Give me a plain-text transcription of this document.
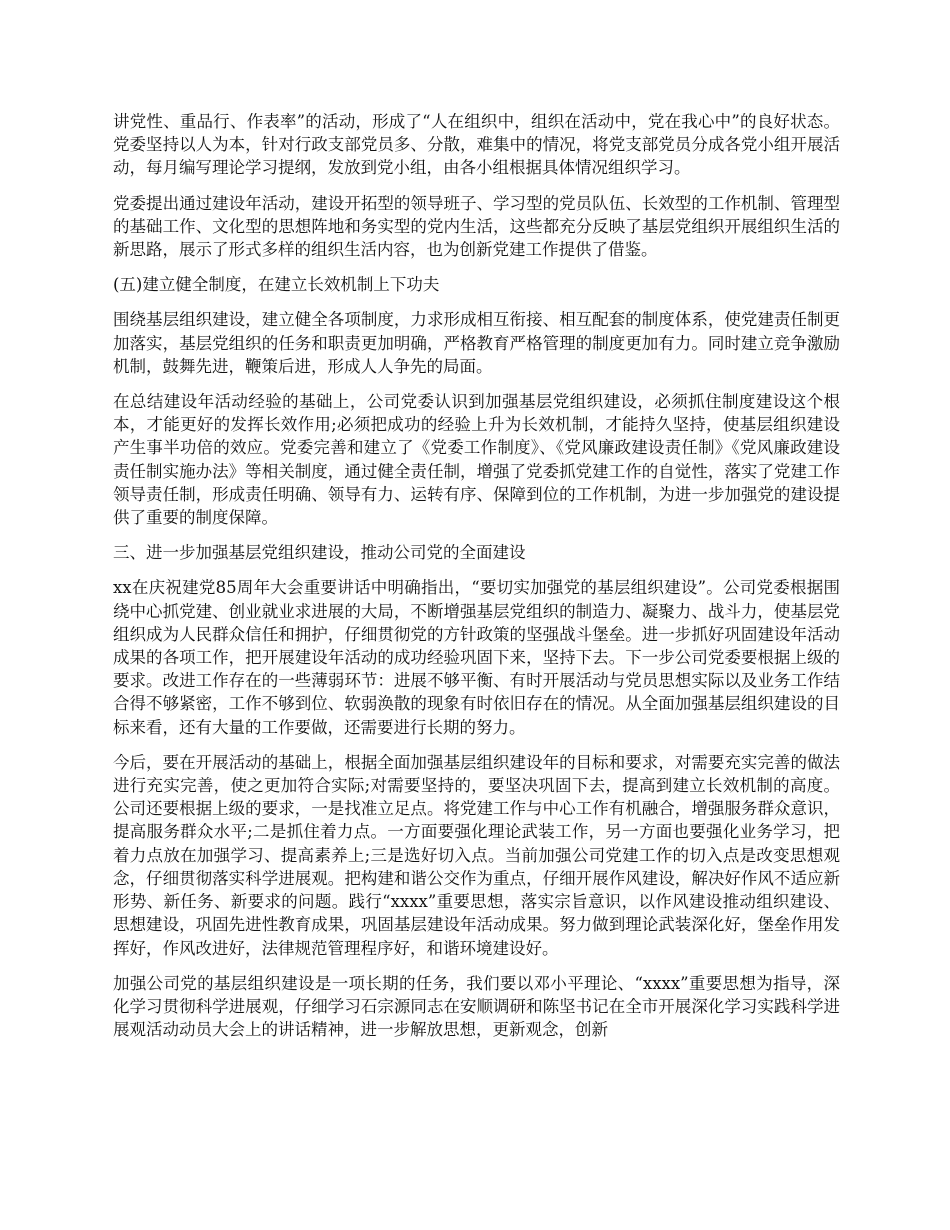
讲党性、重品行、作表率”的活动，形成了“人在组织中，组织在活动中，党在我心中”的良好状态。党委坚持以人为本，针对行政支部党员多、分散，难集中的情况，将党支部党员分成各党小组开展活动，每月编写理论学习提纲，发放到党小组，由各小组根据具体情况组织学习。

党委提出通过建设年活动，建设开拓型的领导班子、学习型的党员队伍、长效型的工作机制、管理型的基础工作、文化型的思想阵地和务实型的党内生活，这些都充分反映了基层党组织开展组织生活的新思路，展示了形式多样的组织生活内容，也为创新党建工作提供了借鉴。

(五)建立健全制度，在建立长效机制上下功夫

围绕基层组织建设，建立健全各项制度，力求形成相互衔接、相互配套的制度体系，使党建责任制更加落实，基层党组织的任务和职责更加明确，严格教育严格管理的制度更加有力。同时建立竞争激励机制，鼓舞先进，鞭策后进，形成人人争先的局面。

在总结建设年活动经验的基础上，公司党委认识到加强基层党组织建设，必须抓住制度建设这个根本，才能更好的发挥长效作用;必须把成功的经验上升为长效机制，才能持久坚持，使基层组织建设产生事半功倍的效应。党委完善和建立了《党委工作制度》、《党风廉政建设责任制》《党风廉政建设责任制实施办法》等相关制度，通过健全责任制，增强了党委抓党建工作的自觉性，落实了党建工作领导责任制，形成责任明确、领导有力、运转有序、保障到位的工作机制，为进一步加强党的建设提供了重要的制度保障。

三、进一步加强基层党组织建设，推动公司党的全面建设

xx在庆祝建党85周年大会重要讲话中明确指出，“要切实加强党的基层组织建设”。公司党委根据围绕中心抓党建、创业就业求进展的大局，不断增强基层党组织的制造力、凝聚力、战斗力，使基层党组织成为人民群众信任和拥护，仔细贯彻党的方针政策的坚强战斗堡垒。进一步抓好巩固建设年活动成果的各项工作，把开展建设年活动的成功经验巩固下来，坚持下去。下一步公司党委要根据上级的要求。改进工作存在的一些薄弱环节：进展不够平衡、有时开展活动与党员思想实际以及业务工作结合得不够紧密，工作不够到位、软弱涣散的现象有时依旧存在的情况。从全面加强基层组织建设的目标来看，还有大量的工作要做，还需要进行长期的努力。

今后，要在开展活动的基础上，根据全面加强基层组织建设年的目标和要求，对需要充实完善的做法进行充实完善，使之更加符合实际;对需要坚持的，要坚决巩固下去，提高到建立长效机制的高度。公司还要根据上级的要求，一是找准立足点。将党建工作与中心工作有机融合，增强服务群众意识，提高服务群众水平;二是抓住着力点。一方面要强化理论武装工作，另一方面也要强化业务学习，把着力点放在加强学习、提高素养上;三是选好切入点。当前加强公司党建工作的切入点是改变思想观念，仔细贯彻落实科学进展观。把构建和谐公交作为重点，仔细开展作风建设，解决好作风不适应新形势、新任务、新要求的问题。践行“xxxx”重要思想，落实宗旨意识，以作风建设推动组织建设、思想建设，巩固先进性教育成果，巩固基层建设年活动成果。努力做到理论武装深化好，堡垒作用发挥好，作风改进好，法律规范管理程序好，和谐环境建设好。

加强公司党的基层组织建设是一项长期的任务，我们要以邓小平理论、“xxxx”重要思想为指导，深化学习贯彻科学进展观，仔细学习石宗源同志在安顺调研和陈坚书记在全市开展深化学习实践科学进展观活动动员大会上的讲话精神，进一步解放思想，更新观念，创新
